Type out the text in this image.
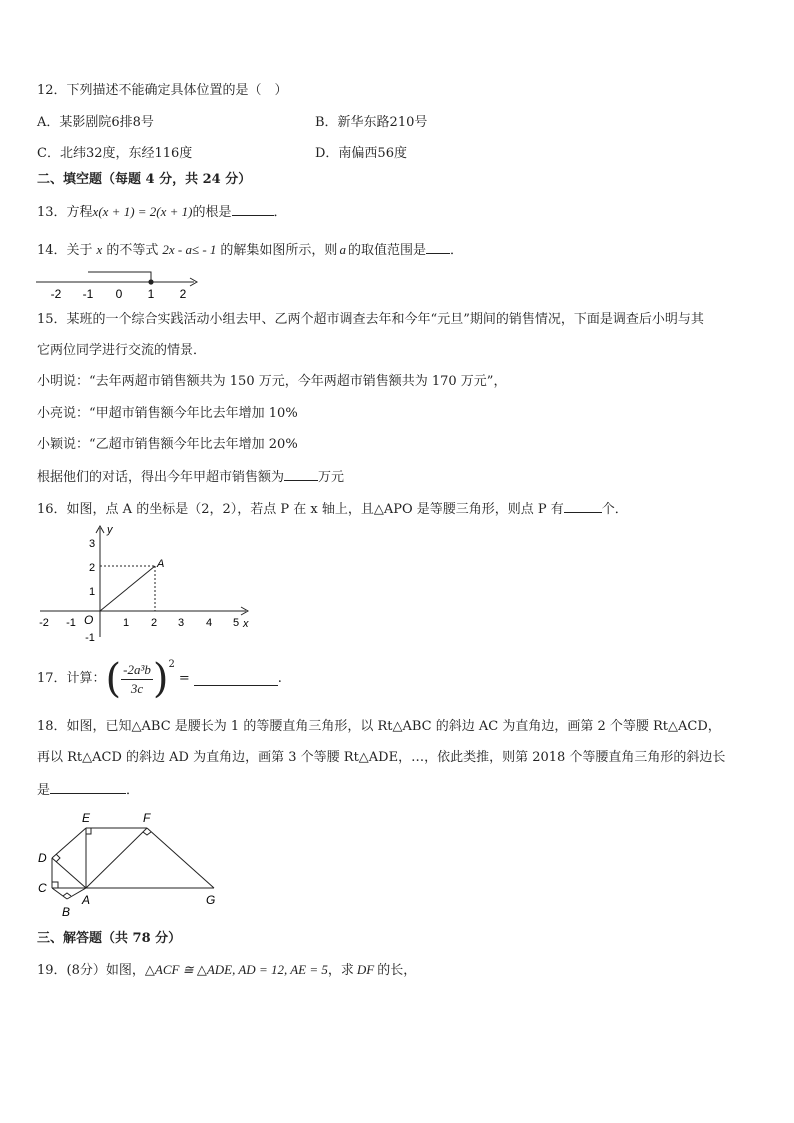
12．下列描述不能确定具体位置的是（　）
A．某影剧院6排8号	B．新华东路210号
C．北纬32度，东经116度	D．南偏西56度
二、填空题（每题 4 分，共 24 分）
13．方程x(x + 1) = 2(x + 1)的根是	．
14．关于 x 的不等式 2x - a≤ - 1 的解集如图所示，则 a 的取值范围是 ．
-2 -1 0 1 2
15．某班的一个综合实践活动小组去甲、乙两个超市调查去年和今年“元旦”期间的销售情况，下面是调查后小明与其
它两位同学进行交流的情景．
小明说：“去年两超市销售额共为 150 万元，今年两超市销售额共为 170 万元”，
小亮说：“甲超市销售额今年比去年增加 10%
小颖说：“乙超市销售额今年比去年增加 20%
根据他们的对话，得出今年甲超市销售额为	万元
16．如图，点 A 的坐标是（2，2），若点 P 在 x 轴上，且△APO 是等腰三角形，则点 P 有	个．
y
x
O
A
-2 -1	1 2 3 4 5
3
2
1
-1
17．计算：( $\frac{\text{-2a³b}}{3c} )^2=$	.
18．如图，已知△ABC 是腰长为 1 的等腰直角三角形，以 Rt△ABC 的斜边 AC 为直角边，画第 2 个等腰 Rt△ACD，
再以 Rt△ACD 的斜边 AD 为直角边，画第 3 个等腰 Rt△ADE，…，依此类推，则第 2018 个等腰直角三角形的斜边长
是	．
E	F
D
C
A
B
G
三、解答题（共 78 分）
19．(8分）如图，△ACF ≅ △ADE, AD = 12, AE = 5，求 DF 的长，
